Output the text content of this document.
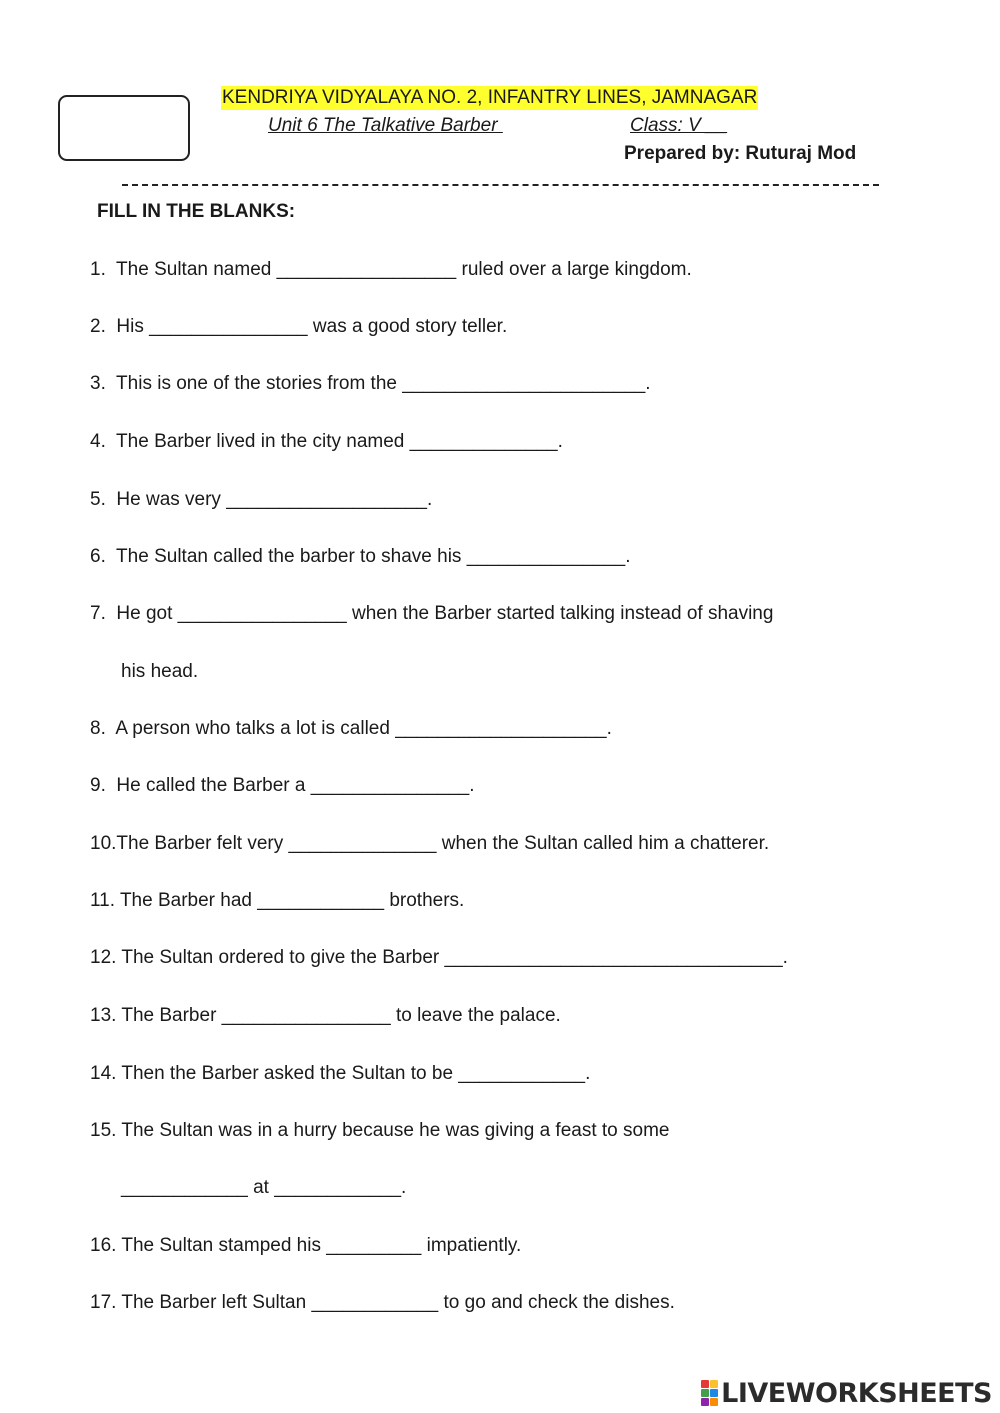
KENDRIYA VIDYALAYA NO. 2, INFANTRY LINES, JAMNAGAR
Unit 6 The Talkative Barber	Class: V __
Prepared by: Ruturaj Mod
FILL IN THE BLANKS:
1.  The Sultan named _________________ ruled over a large kingdom.
2.  His _______________ was a good story teller.
3.  This is one of the stories from the _______________________.
4.  The Barber lived in the city named ______________.
5.  He was very ___________________.
6.  The Sultan called the barber to shave his _______________.
7.  He got ________________ when the Barber started talking instead of shaving
his head.
8.  A person who talks a lot is called ____________________.
9.  He called the Barber a _______________.
10.The Barber felt very ______________ when the Sultan called him a chatterer.
11. The Barber had ____________ brothers.
12. The Sultan ordered to give the Barber ________________________________.
13. The Barber ________________ to leave the palace.
14. Then the Barber asked the Sultan to be ____________.
15. The Sultan was in a hurry because he was giving a feast to some
____________ at ____________.
16. The Sultan stamped his _________ impatiently.
17. The Barber left Sultan ____________ to go and check the dishes.
LIVEWORKSHEETS
